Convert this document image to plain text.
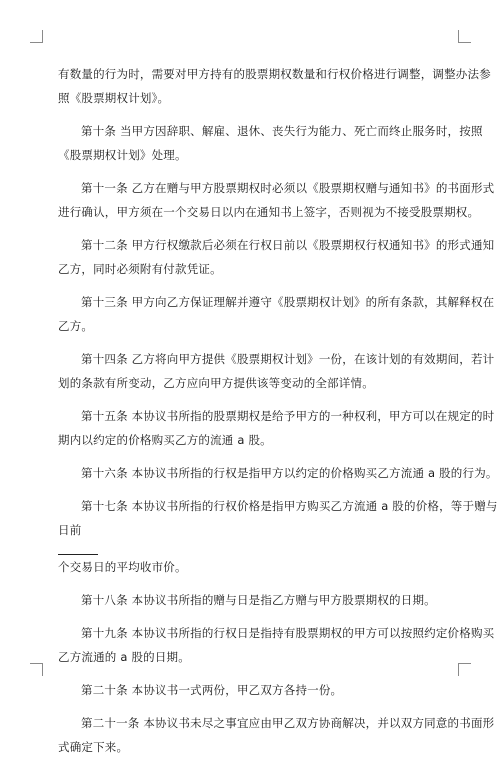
有数量的行为时，需要对甲方持有的股票期权数量和行权价格进行调整，调整办法参
照《股票期权计划》。

第十条 当甲方因辞职、解雇、退休、丧失行为能力、死亡而终止服务时，按照
《股票期权计划》处理。

第十一条 乙方在赠与甲方股票期权时必须以《股票期权赠与通知书》的书面形式
进行确认，甲方须在一个交易日以内在通知书上签字，否则视为不接受股票期权。

第十二条 甲方行权缴款后必须在行权日前以《股票期权行权通知书》的形式通知
乙方，同时必须附有付款凭证。

第十三条 甲方向乙方保证理解并遵守《股票期权计划》的所有条款，其解释权在
乙方。

第十四条 乙方将向甲方提供《股票期权计划》一份，在该计划的有效期间，若计
划的条款有所变动，乙方应向甲方提供该等变动的全部详情。

第十五条 本协议书所指的股票期权是给予甲方的一种权利，甲方可以在规定的时
期内以约定的价格购买乙方的流通 a 股。

第十六条 本协议书所指的行权是指甲方以约定的价格购买乙方流通 a 股的行为。

第十七条 本协议书所指的行权价格是指甲方购买乙方流通 a 股的价格，等于赠与
日前
个交易日的平均收市价。

第十八条 本协议书所指的赠与日是指乙方赠与甲方股票期权的日期。

第十九条 本协议书所指的行权日是指持有股票期权的甲方可以按照约定价格购买
乙方流通的 a 股的日期。

第二十条 本协议书一式两份，甲乙双方各持一份。

第二十一条 本协议书未尽之事宜应由甲乙双方协商解决，并以双方同意的书面形
式确定下来。
